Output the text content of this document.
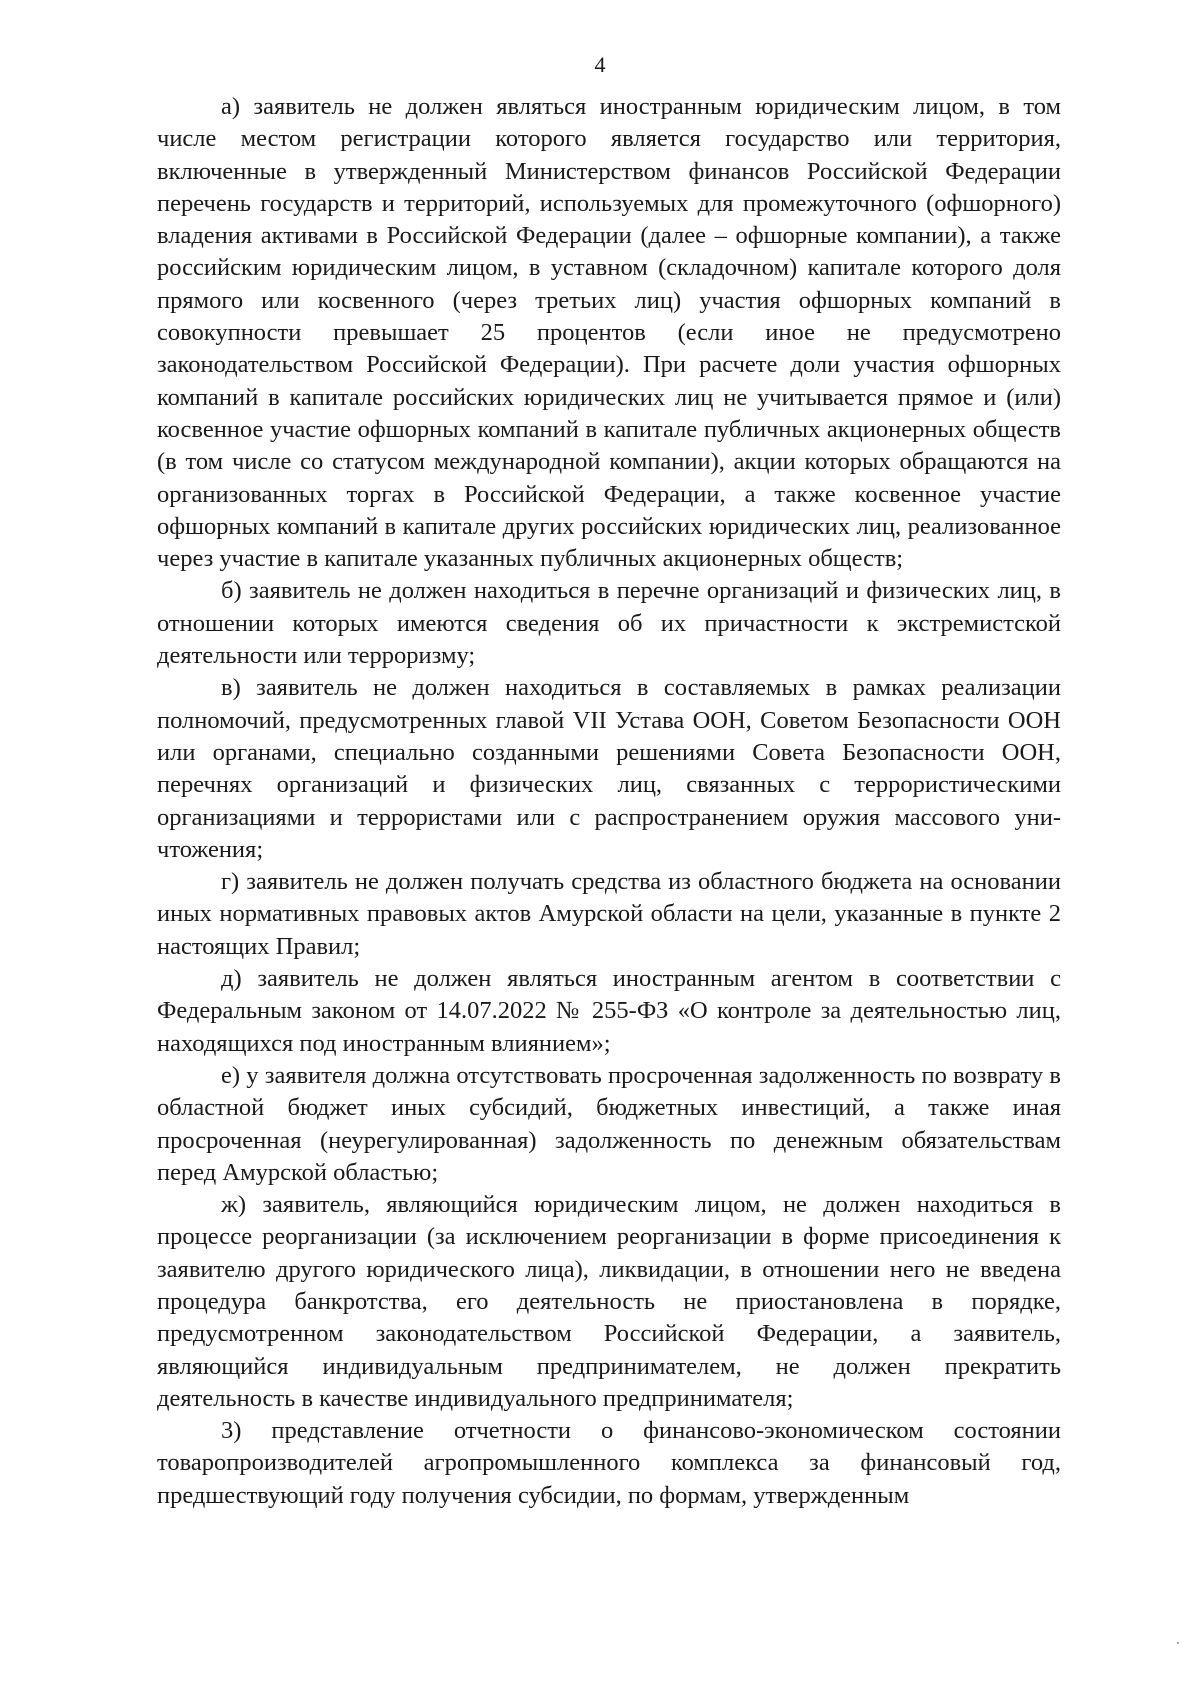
4

а) заявитель не должен являться иностранным юридическим лицом, в том числе местом регистрации которого является государство или территория, включенные в утвержденный Министерством финансов Российской Федерации перечень государств и территорий, используемых для промежуточного (офшорного) владения активами в Российской Федерации (далее – офшорные компании), а также российским юридическим лицом, в уставном (складочном) капитале которого доля прямого или косвенного (через третьих лиц) участия офшорных компаний в совокупности превышает 25 процентов (если иное не предусмотрено законодательством Российской Федерации). При расчете доли участия офшорных компаний в капитале российских юридических лиц не учитывается прямое и (или) косвенное участие офшорных компаний в капитале публичных акционерных обществ (в том числе со статусом международной компании), акции которых обращаются на организованных торгах в Российской Федерации, а также косвенное участие офшорных компаний в капитале других российских юридических лиц, реализованное через участие в капитале указанных публичных акционерных обществ;

б) заявитель не должен находиться в перечне организаций и физических лиц, в отношении которых имеются сведения об их причастности к экстремистской деятельности или терроризму;

в) заявитель не должен находиться в составляемых в рамках реализации полномочий, предусмотренных главой VII Устава ООН, Советом Безопасности ООН или органами, специально созданными решениями Совета Безопасности ООН, перечнях организаций и физических лиц, связанных с террористическими организациями и террористами или с распространением оружия массового уничтожения;

г) заявитель не должен получать средства из областного бюджета на основании иных нормативных правовых актов Амурской области на цели, указанные в пункте 2 настоящих Правил;

д) заявитель не должен являться иностранным агентом в соответствии с Федеральным законом от 14.07.2022 № 255-ФЗ «О контроле за деятельностью лиц, находящихся под иностранным влиянием»;

е) у заявителя должна отсутствовать просроченная задолженность по возврату в областной бюджет иных субсидий, бюджетных инвестиций, а также иная просроченная (неурегулированная) задолженность по денежным обязательствам перед Амурской областью;

ж) заявитель, являющийся юридическим лицом, не должен находиться в процессе реорганизации (за исключением реорганизации в форме присоединения к заявителю другого юридического лица), ликвидации, в отношении него не введена процедура банкротства, его деятельность не приостановлена в порядке, предусмотренном законодательством Российской Федерации, а заявитель, являющийся индивидуальным предпринимателем, не должен прекратить деятельность в качестве индивидуального предпринимателя;

3) представление отчетности о финансово-экономическом состоянии товаропроизводителей агропромышленного комплекса за финансовый год, предшествующий году получения субсидии, по формам, утвержденным
